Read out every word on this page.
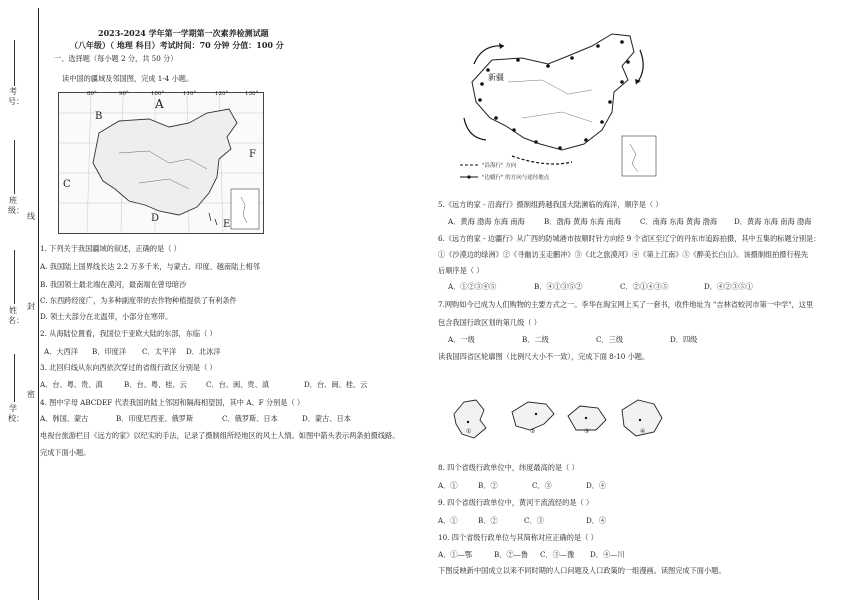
考号：
班级：
线
姓名：
封
学校：
密
2023-2024 学年第一学期第一次素养检测试题
（八年级）（ 地理 科目）考试时间：70 分钟 分值：100 分
一、选择题（每小题 2 分，共 50 分）
读中国的疆域及邻国图，完成 1-4 小题。
80°	90°	100°	110°	120°	130°
A
B
C
D
E
F
1. 下列关于我国疆域的叙述，正确的是（ ）
A. 我国陆上国界线长达 2.2 万多千米，与蒙古、印度、越南陆上相邻
B. 我国领土最北端在漠河，最南端在曾母暗沙
C. 东西跨经度广，为多种副度带的农作物种植提供了有利条件
D. 领土大部分在北温带，小部分在寒带。
2. 从海陆位置看，我国位于亚欧大陆的东部，东临（ ）
A．大西洋 B．印度洋 C．太平洋 D．北冰洋
3. 北回归线从东向西依次穿过的省级行政区分别是（ ）
A．台、粤、贵、滇	B．台、粤、桂、云	C．台、闽、贵、滇	D．台、闽、桂、云
4. 图中字母 ABCDEF 代表我国的陆上邻国和隔海相望国，其中 A、F 分别是（ ）
A．韩国、蒙古	B．印度尼西亚、俄罗斯	C．俄罗斯、日本	D．蒙古、日本
电视台旅游栏目《远方的家》以纪实的手法，记录了摄制组所经地区的风土人情。如图中箭头表示两条拍摄线路。
完成下面小题。
新疆
"沿海行" 方向
"边疆行" 的方向与途径地点
5.《远方的家 - 沿海行》摄制组跨越我国大陆濒临的海洋，顺序是（ ）
A．黄海 渤海 东海 南海	B．渤海 黄海 东海 南海	C．南海 东海 黄海 渤海 D．黄海 东海 南海 渤海
6.《远方的家 - 边疆行》从广西的防城港市按顺时针方向经 9 个省区至辽宁的丹东市追踪拍摄，其中五集的标题分别是：
①《沙漠边的绿洲》②《寻幽访玉走鹏冲》③《北之旅漠河》④《第上江南》⑤《醉美长白山》。该摄制组拍摄行程先
后顺序是（ ）
A．①②③④⑤	B．④①③⑤②	C．②①④③⑤	D．④②③⑤①
7.网购如今已成为人们购物的主要方式之一。李华在淘宝网上买了一套书，收件地址为 "吉林省蛟河市第一中学"，这里
包含我国行政区划的第几级（ ）
A．一级	B．二级	C．三级	D．四级
读我国四省区轮廓图（比例尺大小不一致），完成下面 8-10 小题。
①	②	③	④
8. 四个省级行政单位中，纬度最高的是（ ）
A．①	B．②	C．③	D．④
9. 四个省级行政单位中，黄河干流流经的是（ ）
A．①	B．②	C．③	D．④
10. 四个省级行政单位与其简称对应正确的是（ ）
A．①—鄂	B．②—鲁 C．③—豫 D．④—川
下图反映新中国成立以来不同时期的人口问题及人口政策的一组漫画。读图完成下面小题。
